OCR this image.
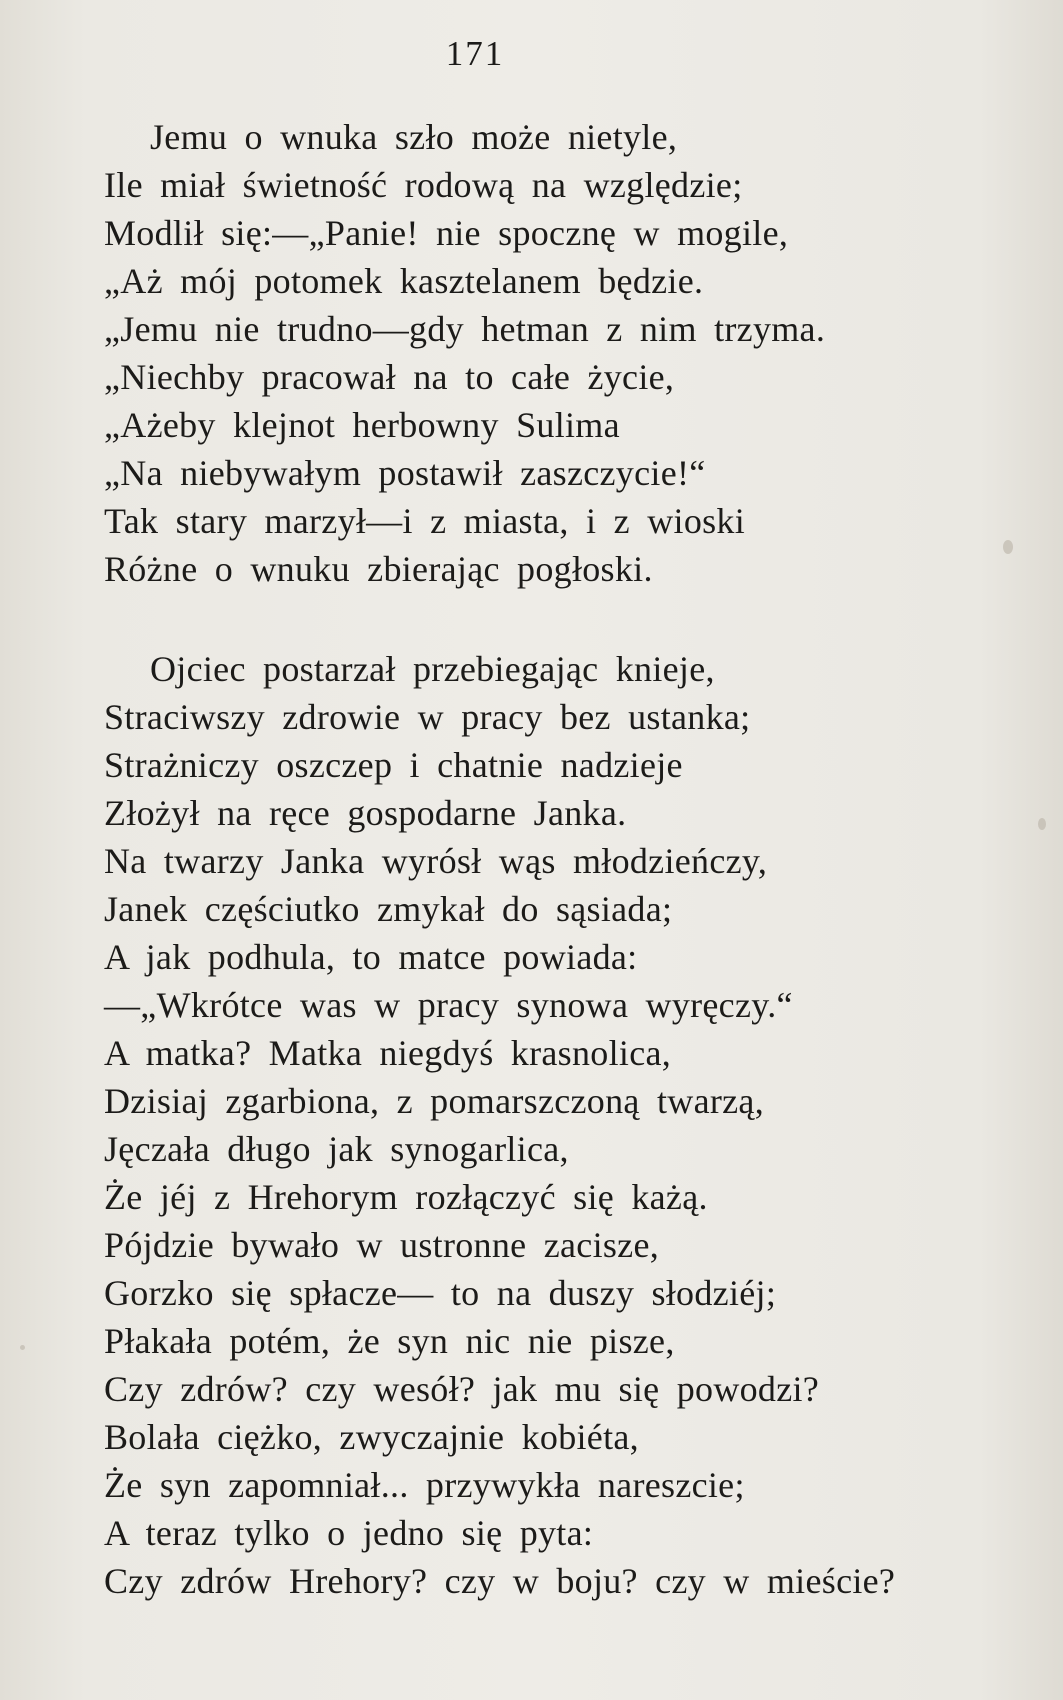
171
Jemu o wnuka szło może nietyle,
Ile miał świetność rodową na względzie;
Modlił się:—„Panie! nie spocznę w mogile,
„Aż mój potomek kasztelanem będzie.
„Jemu nie trudno—gdy hetman z nim trzyma.
„Niechby pracował na to całe życie,
„Ażeby klejnot herbowny Sulima
„Na niebywałym postawił zaszczycie!“
Tak stary marzył—i z miasta, i z wioski
Różne o wnuku zbierając pogłoski.
Ojciec postarzał przebiegając knieje,
Straciwszy zdrowie w pracy bez ustanka;
Strażniczy oszczep i chatnie nadzieje
Złożył na ręce gospodarne Janka.
Na twarzy Janka wyrósł wąs młodzieńczy,
Janek częściutko zmykał do sąsiada;
A jak podhula, to matce powiada:
—„Wkrótce was w pracy synowa wyręczy.“
A matka? Matka niegdyś krasnolica,
Dzisiaj zgarbiona, z pomarszczoną twarzą,
Jęczała długo jak synogarlica,
Że jéj z Hrehorym rozłączyć się każą.
Pójdzie bywało w ustronne zacisze,
Gorzko się spłacze— to na duszy słodziéj;
Płakała potém, że syn nic nie pisze,
Czy zdrów? czy wesół? jak mu się powodzi?
Bolała ciężko, zwyczajnie kobiéta,
Że syn zapomniał... przywykła nareszcie;
A teraz tylko o jedno się pyta:
Czy zdrów Hrehory? czy w boju? czy w mieście?
